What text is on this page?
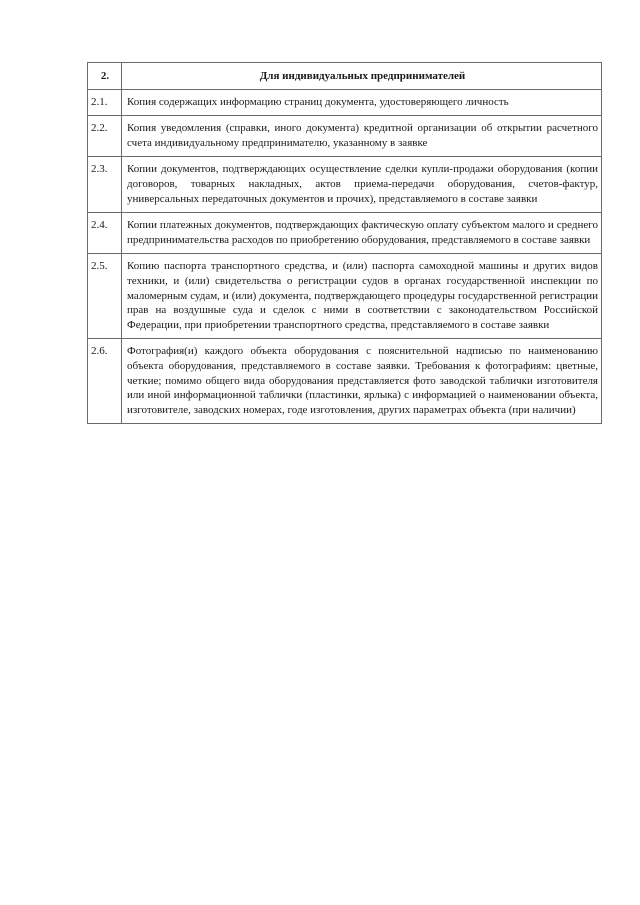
2.	Для индивидуальных предпринимателей
2.1.	Копия содержащих информацию страниц документа, удостоверяющего личность
2.2.	Копия уведомления (справки, иного документа) кредитной организации об открытии расчетного счета индивидуальному предпринимателю, указанному в заявке
2.3.	Копии документов, подтверждающих осуществление сделки купли-продажи оборудования (копии договоров, товарных накладных, актов приема-передачи оборудования, счетов-фактур, универсальных передаточных документов и прочих), представляемого в составе заявки
2.4.	Копии платежных документов, подтверждающих фактическую оплату субъектом малого и среднего предпринимательства расходов по приобретению оборудования, представляемого в составе заявки
2.5.	Копию паспорта транспортного средства, и (или) паспорта самоходной машины и других видов техники, и (или) свидетельства о регистрации судов в органах государственной инспекции по маломерным судам, и (или) документа, подтверждающего процедуры государственной регистрации прав на воздушные суда и сделок с ними в соответствии с законодательством Российской Федерации, при приобретении транспортного средства, представляемого в составе заявки
2.6.	Фотография(и) каждого объекта оборудования с пояснительной надписью по наименованию объекта оборудования, представляемого в составе заявки. Требования к фотографиям: цветные, четкие; помимо общего вида оборудования представляется фото заводской таблички изготовителя или иной информационной таблички (пластинки, ярлыка) с информацией о наименовании объекта, изготовителе, заводских номерах, годе изготовления, других параметрах объекта (при наличии)
